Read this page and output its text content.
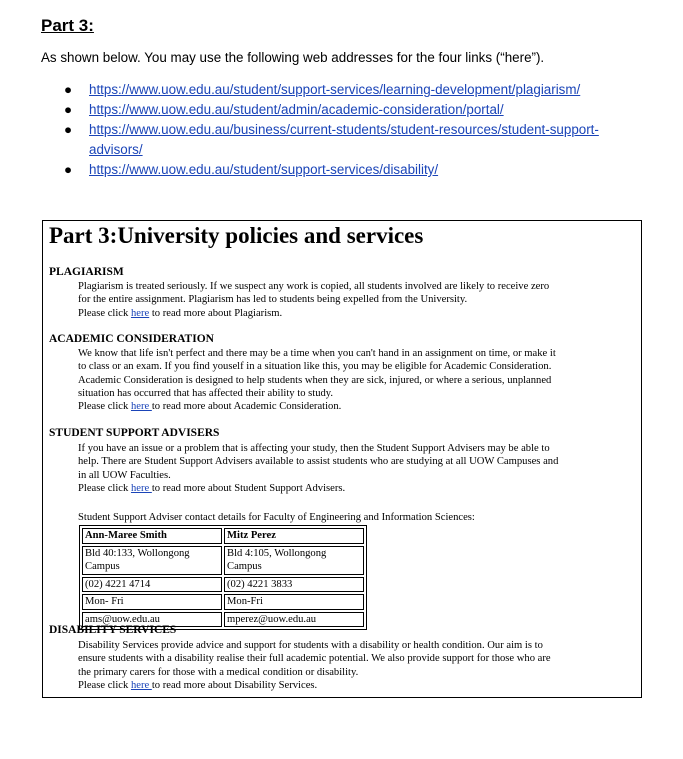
Part 3:

As shown below. You may use the following web addresses for the four links (“here”).

● https://www.uow.edu.au/student/support-services/learning-development/plagiarism/
● https://www.uow.edu.au/student/admin/academic-consideration/portal/
● https://www.uow.edu.au/business/current-students/student-resources/student-support-advisors/
● https://www.uow.edu.au/student/support-services/disability/
Part 3:University policies and services
PLAGIARISM

Plagiarism is treated seriously. If we suspect any work is copied, all students involved are likely to receive zero

for the entire assignment. Plagiarism has led to students being expelled from the University.

Please click here to read more about Plagiarism.

ACADEMIC CONSIDERATION

We know that life isn't perfect and there may be a time when you can't hand in an assignment on time, or make it

to class or an exam. If you find youself in a situation like this, you may be eligible for Academic Consideration.

Academic Consideration is designed to help students when they are sick, injured, or where a serious, unplanned

situation has occurred that has affected their ability to study.

Please click here to read more about Academic Consideration.

STUDENT SUPPORT ADVISERS

If you have an issue or a problem that is affecting your study, then the Student Support Advisers may be able to

help. There are Student Support Advisers available to assist students who are studying at all UOW Campuses and

in all UOW Faculties.

Please click here to read more about Student Support Advisers.

Student Support Adviser contact details for Faculty of Engineering and Information Sciences:

Ann-Maree Smith	Mitz Perez
Bld 40:133, Wollongong Campus	Bld 4:105, Wollongong Campus
(02) 4221 4714	(02) 4221 3833
Mon- Fri	Mon-Fri
ams@uow.edu.au	mperez@uow.edu.au
DISABILITY SERVICES

Disability Services provide advice and support for students with a disability or health condition. Our aim is to

ensure students with a disability realise their full academic potential. We also provide support for those who are

the primary carers for those with a medical condition or disability.

Please click here to read more about Disability Services.
